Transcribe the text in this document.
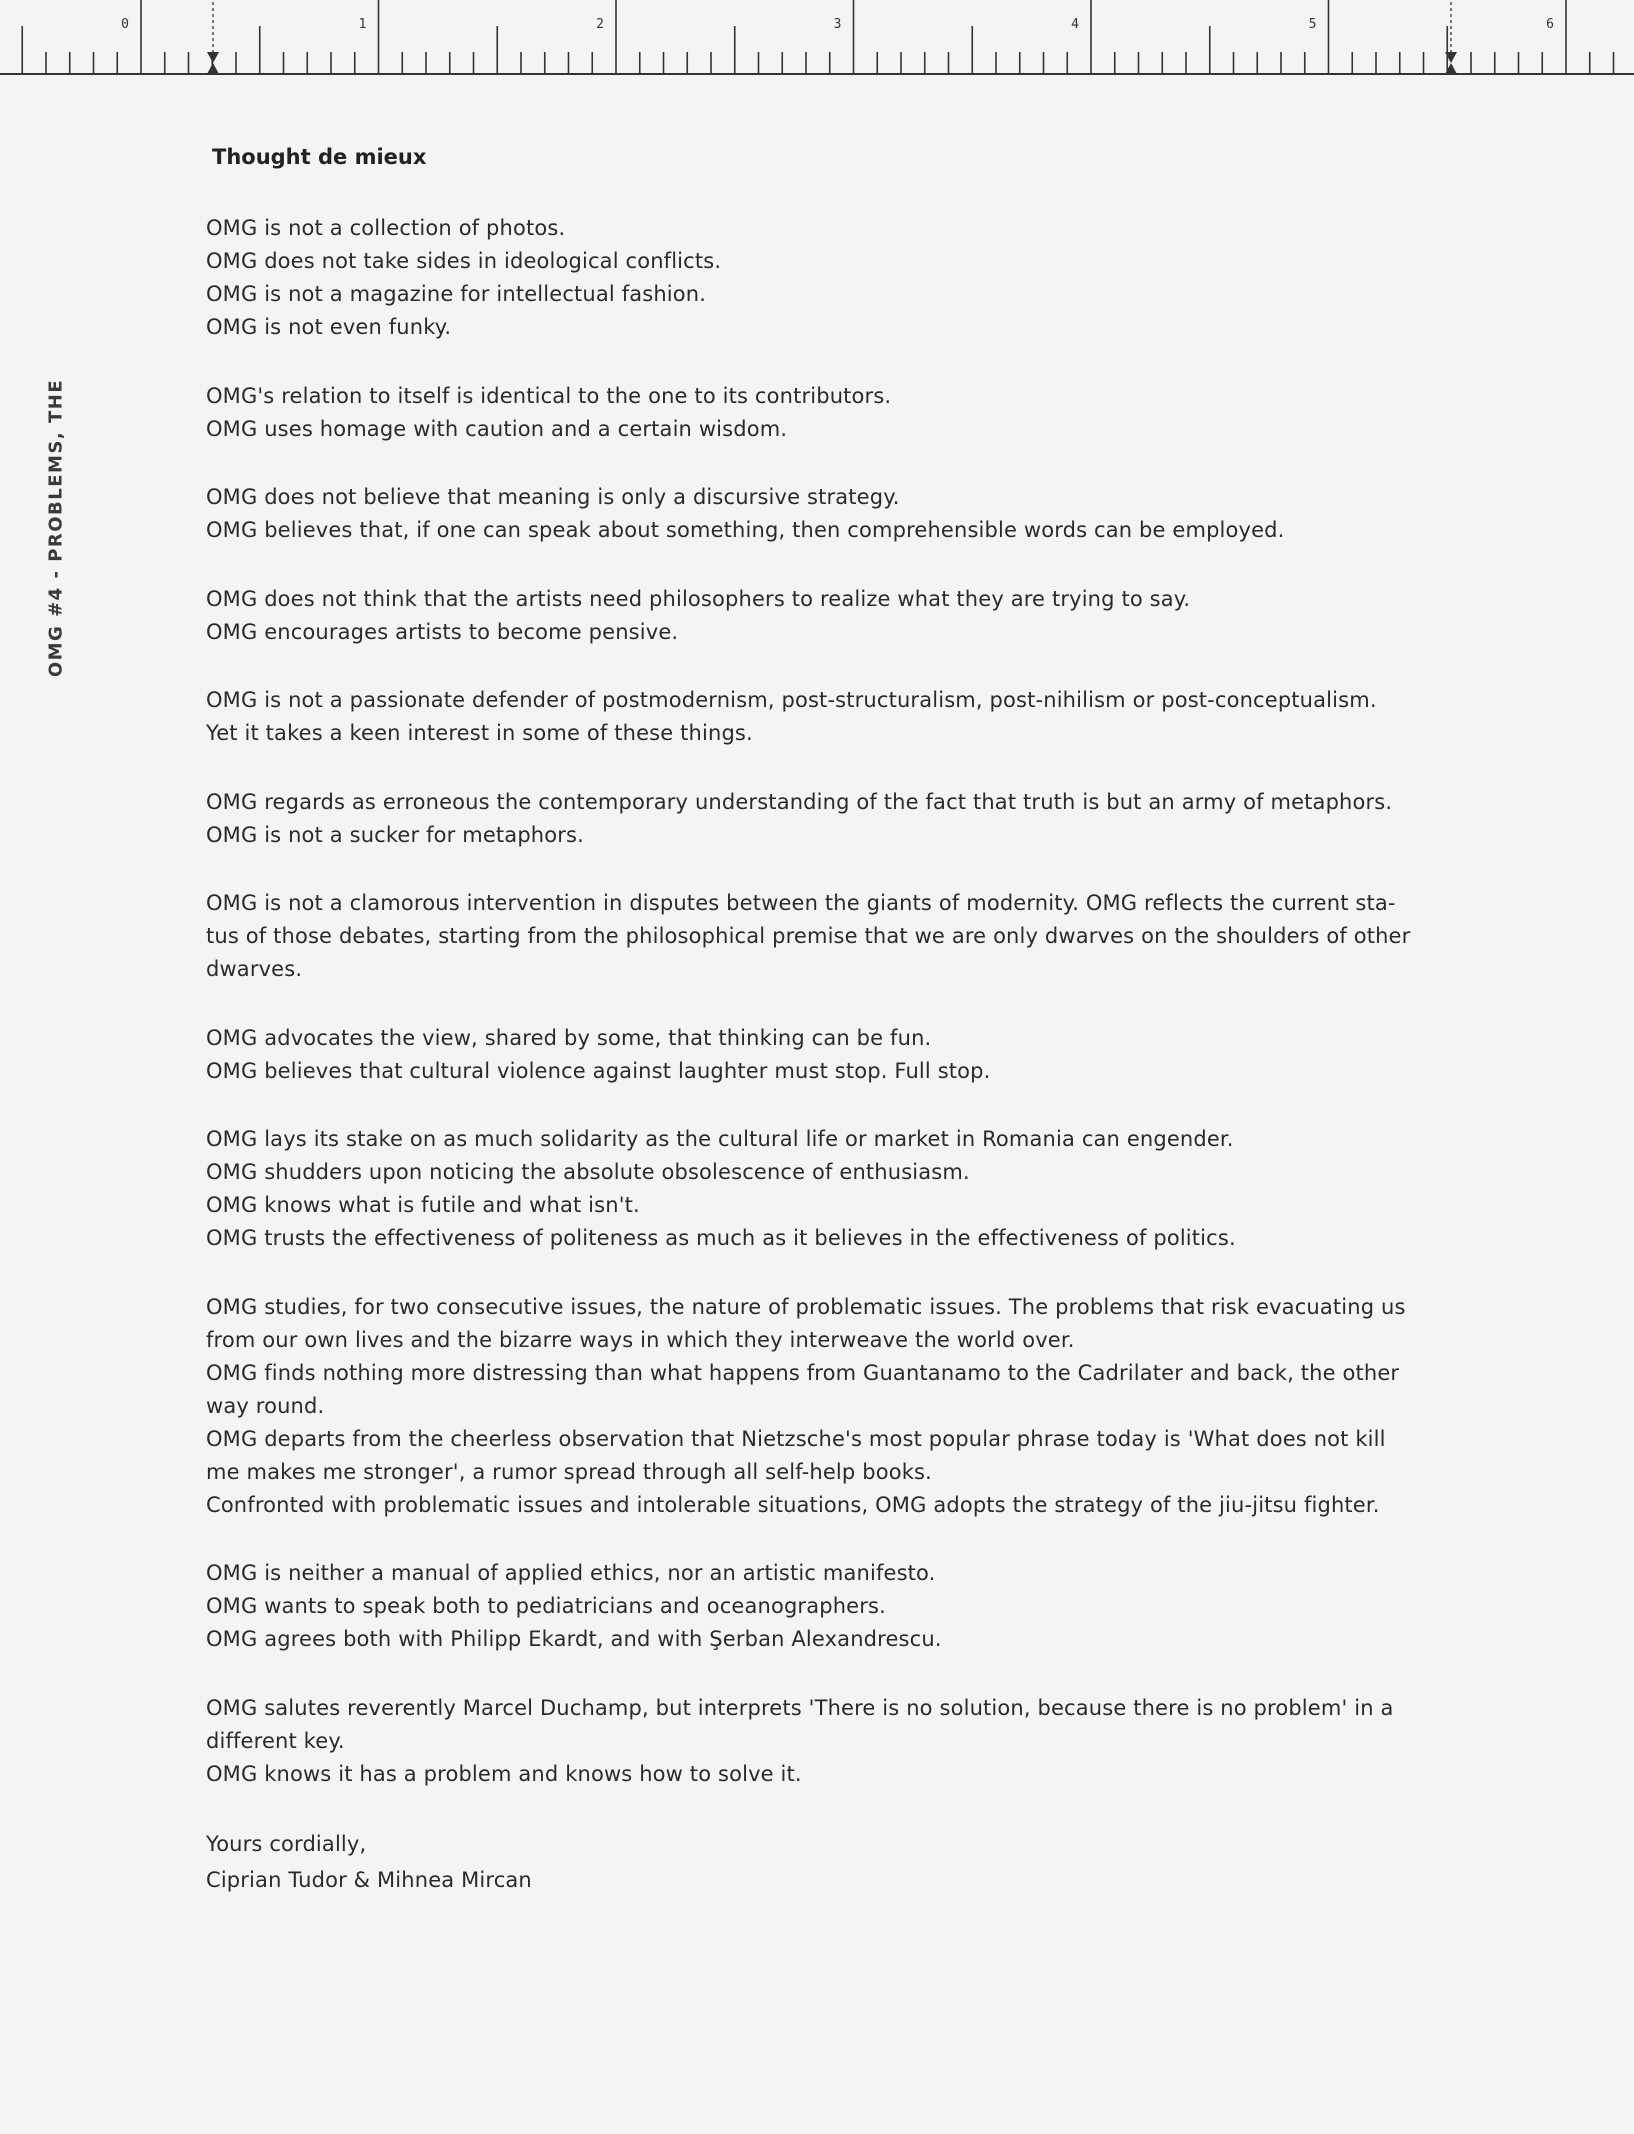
0	1	2	3	4	5	6
OMG #4 - PROBLEMS, THE
Thought de mieux

OMG is not a collection of photos.

OMG does not take sides in ideological conflicts.

OMG is not a magazine for intellectual fashion.

OMG is not even funky.

OMG's relation to itself is identical to the one to its contributors.

OMG uses homage with caution and a certain wisdom.

OMG does not believe that meaning is only a discursive strategy.

OMG believes that, if one can speak about something, then comprehensible words can be employed.

OMG does not think that the artists need philosophers to realize what they are trying to say.

OMG encourages artists to become pensive.

OMG is not a passionate defender of postmodernism, post-structuralism, post-nihilism or post-conceptualism.

Yet it takes a keen interest in some of these things.

OMG regards as erroneous the contemporary understanding of the fact that truth is but an army of metaphors.

OMG is not a sucker for metaphors.

OMG is not a clamorous intervention in disputes between the giants of modernity. OMG reflects the current sta-

tus of those debates, starting from the philosophical premise that we are only dwarves on the shoulders of other

dwarves.

OMG advocates the view, shared by some, that thinking can be fun.

OMG believes that cultural violence against laughter must stop. Full stop.

OMG lays its stake on as much solidarity as the cultural life or market in Romania can engender.

OMG shudders upon noticing the absolute obsolescence of enthusiasm.

OMG knows what is futile and what isn't.

OMG trusts the effectiveness of politeness as much as it believes in the effectiveness of politics.

OMG studies, for two consecutive issues, the nature of problematic issues. The problems that risk evacuating us

from our own lives and the bizarre ways in which they interweave the world over.

OMG finds nothing more distressing than what happens from Guantanamo to the Cadrilater and back, the other

way round.

OMG departs from the cheerless observation that Nietzsche's most popular phrase today is 'What does not kill

me makes me stronger', a rumor spread through all self-help books.

Confronted with problematic issues and intolerable situations, OMG adopts the strategy of the jiu-jitsu fighter.

OMG is neither a manual of applied ethics, nor an artistic manifesto.

OMG wants to speak both to pediatricians and oceanographers.

OMG agrees both with Philipp Ekardt, and with Şerban Alexandrescu.

OMG salutes reverently Marcel Duchamp, but interprets 'There is no solution, because there is no problem' in a

different key.

OMG knows it has a problem and knows how to solve it.

Yours cordially,

Ciprian Tudor & Mihnea Mircan
